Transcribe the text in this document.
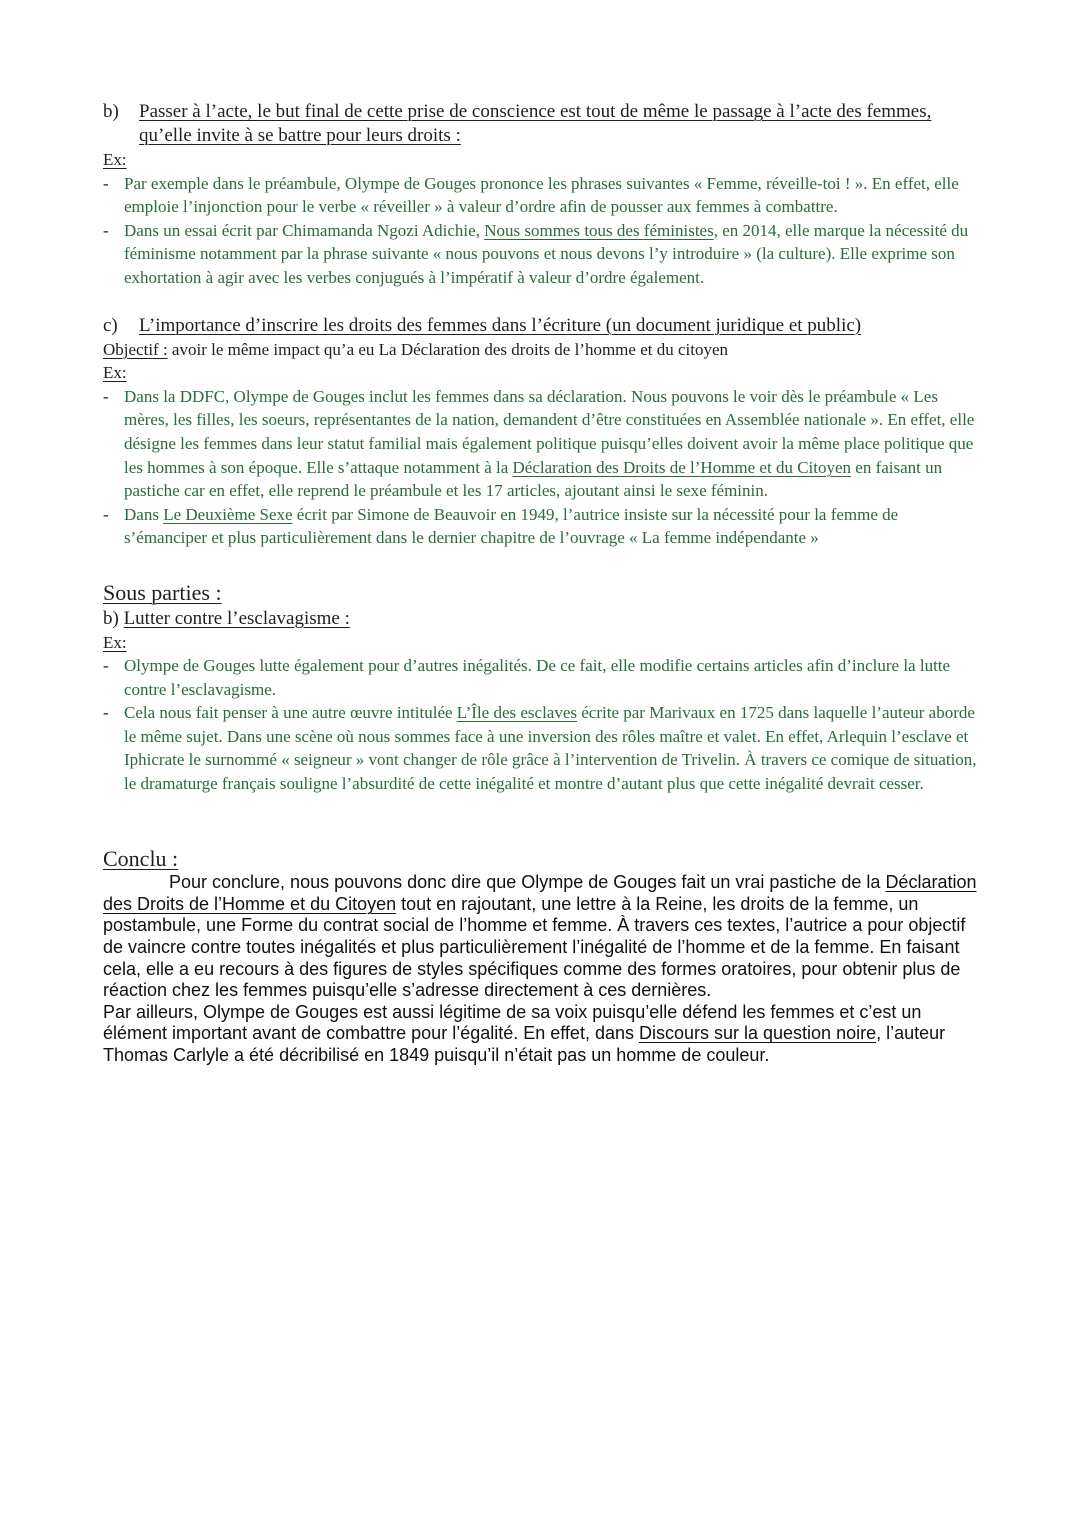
b)	Passer à l’acte, le but final de cette prise de conscience est tout de même le passage à l’acte des femmes, qu’elle invite à se battre pour leurs droits :
Ex:
- Par exemple dans le préambule, Olympe de Gouges prononce les phrases suivantes « Femme, réveille-toi ! ». En effet, elle emploie l’injonction pour le verbe « réveiller » à valeur d’ordre afin de pousser aux femmes à combattre.
- Dans un essai écrit par Chimamanda Ngozi Adichie, Nous sommes tous des féministes, en 2014, elle marque la nécessité du féminisme notamment par la phrase suivante « nous pouvons et nous devons l’y introduire » (la culture). Elle exprime son exhortation à agir avec les verbes conjugués à l’impératif à valeur d’ordre également.
c)	L’importance d’inscrire les droits des femmes dans l’écriture (un document juridique et public)
Objectif : avoir le même impact qu’a eu La Déclaration des droits de l’homme et du citoyen
Ex:
- Dans la DDFC, Olympe de Gouges inclut les femmes dans sa déclaration. Nous pouvons le voir dès le préambule « Les mères, les filles, les soeurs, représentantes de la nation, demandent d’être constituées en Assemblée nationale ». En effet, elle désigne les femmes dans leur statut familial mais également politique puisqu’elles doivent avoir la même place politique que les hommes à son époque. Elle s’attaque notamment à la Déclaration des Droits de l’Homme et du Citoyen en faisant un pastiche car en effet, elle reprend le préambule et les 17 articles, ajoutant ainsi le sexe féminin.
- Dans Le Deuxième Sexe écrit par Simone de Beauvoir en 1949, l’autrice insiste sur la nécessité pour la femme de s’émanciper et plus particulièrement dans le dernier chapitre de l’ouvrage « La femme indépendante »
Sous parties :
b)
Lutter contre l’esclavagisme :
Ex:
- Olympe de Gouges lutte également pour d’autres inégalités. De ce fait, elle modifie certains articles afin d’inclure la lutte contre l’esclavagisme.
- Cela nous fait penser à une autre œuvre intitulée L’Île des esclaves écrite par Marivaux en 1725 dans laquelle l’auteur aborde le même sujet. Dans une scène où nous sommes face à une inversion des rôles maître et valet. En effet, Arlequin l’esclave et Iphicrate le surnommé « seigneur » vont changer de rôle grâce à l’intervention de Trivelin. À travers ce comique de situation, le dramaturge français souligne l’absurdité de cette inégalité et montre d’autant plus que cette inégalité devrait cesser.
Conclu :
Pour conclure, nous pouvons donc dire que Olympe de Gouges fait un vrai pastiche de la Déclaration des Droits de l’Homme et du Citoyen tout en rajoutant, une lettre à la Reine, les droits de la femme, un postambule, une Forme du contrat social de l’homme et femme. À travers ces textes, l’autrice a pour objectif de vaincre contre toutes inégalités et plus particulièrement l’inégalité de l’homme et de la femme. En faisant cela, elle a eu recours à des figures de styles spécifiques comme des formes oratoires, pour obtenir plus de réaction chez les femmes puisqu’elle s’adresse directement à ces dernières.
Par ailleurs, Olympe de Gouges est aussi légitime de sa voix puisqu’elle défend les femmes et c’est un élément important avant de combattre pour l’égalité. En effet, dans Discours sur la question noire, l’auteur Thomas Carlyle a été décribilisé en 1849 puisqu’il n’était pas un homme de couleur.
